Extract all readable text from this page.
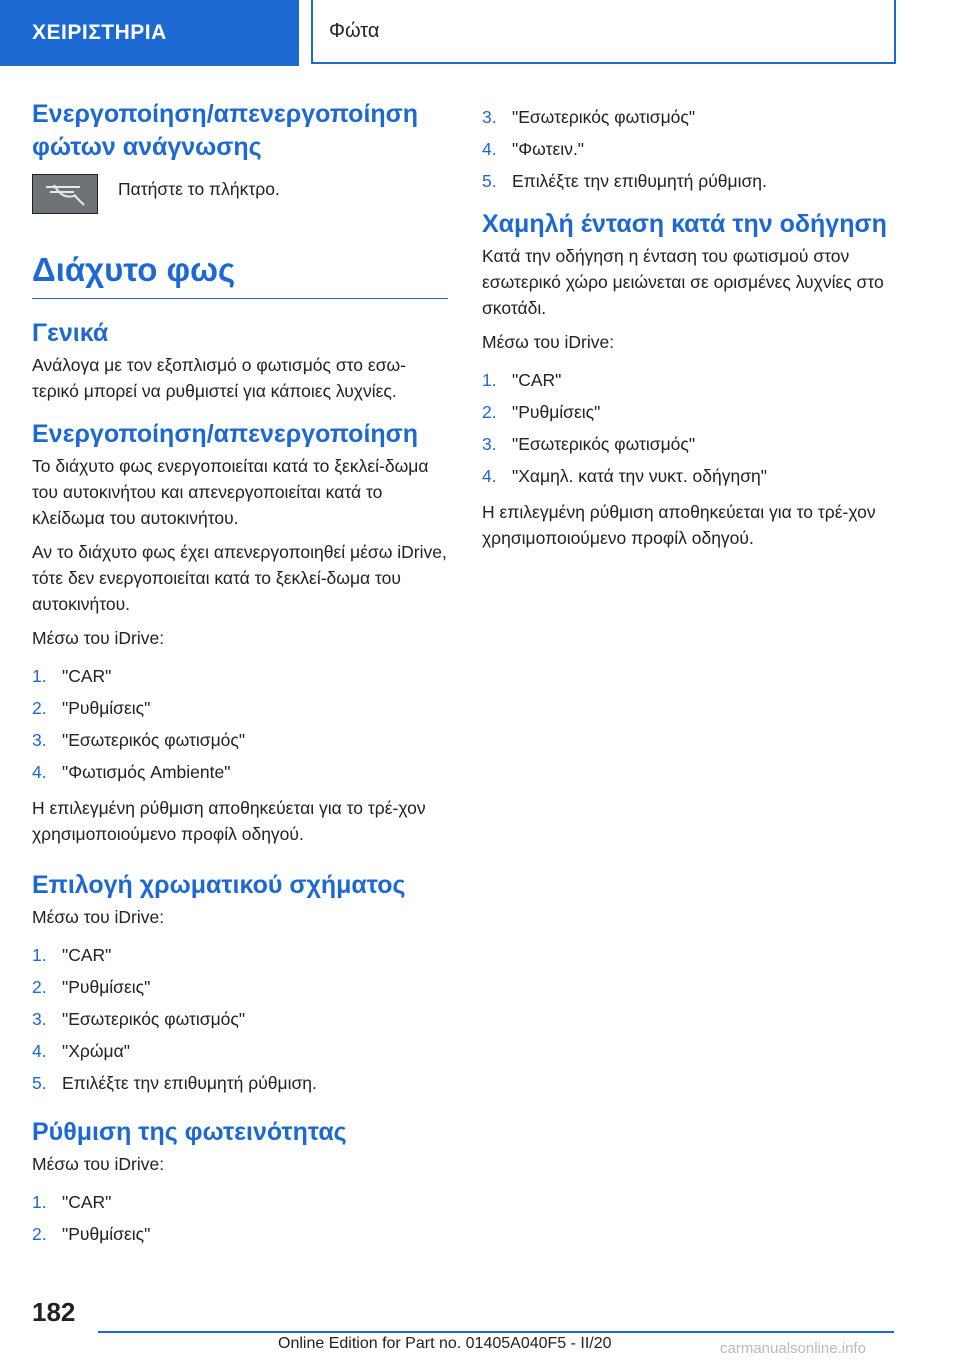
ΧΕΙΡΙΣΤΗΡΙΑ	Φώτα
Ενεργοποίηση/απενεργοποίηση φώτων ανάγνωσης

Πατήστε το πλήκτρο.

Διάχυτο φως
Γενικά

Ανάλογα με τον εξοπλισμό ο φωτισμός στο εσω-τερικό μπορεί να ρυθμιστεί για κάποιες λυχνίες.

Ενεργοποίηση/απενεργοποίηση

Το διάχυτο φως ενεργοποιείται κατά το ξεκλεί-δωμα του αυτοκινήτου και απενεργοποιείται κατά το κλείδωμα του αυτοκινήτου.

Αν το διάχυτο φως έχει απενεργοποιηθεί μέσω iDrive, τότε δεν ενεργοποιείται κατά το ξεκλεί-δωμα του αυτοκινήτου.

Μέσω του iDrive:

1. "CAR"
2. "Ρυθμίσεις"
3. "Εσωτερικός φωτισμός"
4. "Φωτισμός Ambiente"

Η επιλεγμένη ρύθμιση αποθηκεύεται για το τρέ-χον χρησιμοποιούμενο προφίλ οδηγού.

Επιλογή χρωματικού σχήματος

Μέσω του iDrive:

1. "CAR"
2. "Ρυθμίσεις"
3. "Εσωτερικός φωτισμός"
4. "Χρώμα"
5. Επιλέξτε την επιθυμητή ρύθμιση.
Ρύθμιση της φωτεινότητας

Μέσω του iDrive:

1. "CAR"
2. "Ρυθμίσεις"
3. "Εσωτερικός φωτισμός"
4. "Φωτειν."
5. Επιλέξτε την επιθυμητή ρύθμιση.
Χαμηλή ένταση κατά την οδήγηση

Κατά την οδήγηση η ένταση του φωτισμού στον εσωτερικό χώρο μειώνεται σε ορισμένες λυχνίες στο σκοτάδι.

Μέσω του iDrive:

1. "CAR"
2. "Ρυθμίσεις"
3. "Εσωτερικός φωτισμός"
4. "Χαμηλ. κατά την νυκτ. οδήγηση"

Η επιλεγμένη ρύθμιση αποθηκεύεται για το τρέ-χον χρησιμοποιούμενο προφίλ οδηγού.

182
Online Edition for Part no. 01405A040F5 - II/20	carmanualsonline.info
